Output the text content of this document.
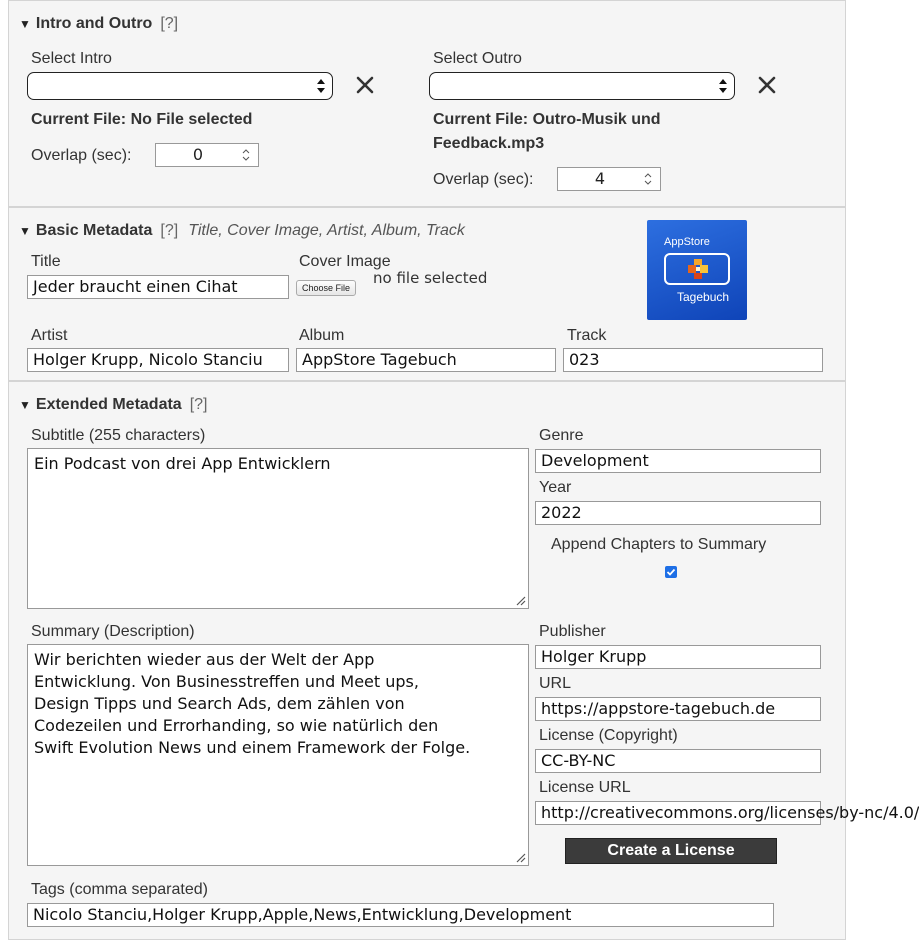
▼ Intro and Outro [?]
Select Intro
Current File: No File selected
Overlap (sec):	0
Select Outro
Current File: Outro-Musik und
Feedback.mp3
Overlap (sec):	4
▼ Basic Metadata [?] Title, Cover Image, Artist, Album, Track
Title
Jeder braucht einen Cihat
Cover Image
Choose File
no file selected
AppStore
Tagebuch
Artist
Holger Krupp, Nicolo Stanciu
Album
AppStore Tagebuch
Track
023
▼ Extended Metadata [?]
Subtitle (255 characters)
Ein Podcast von drei App Entwicklern
Summary (Description)
Wir berichten wieder aus der Welt der App
Entwicklung. Von Businesstreffen und Meet ups,
Design Tipps und Search Ads, dem zählen von
Codezeilen und Errorhanding, so wie natürlich den
Swift Evolution News und einem Framework der Folge.
Genre
Development
Year
2022
Append Chapters to Summary
Publisher
Holger Krupp
URL
https://appstore-tagebuch.de
License (Copyright)
CC-BY-NC
License URL
http://creativecommons.org/licenses/by-nc/4.0/
Create a License
Tags (comma separated)
Nicolo Stanciu,Holger Krupp,Apple,News,Entwicklung,Development
